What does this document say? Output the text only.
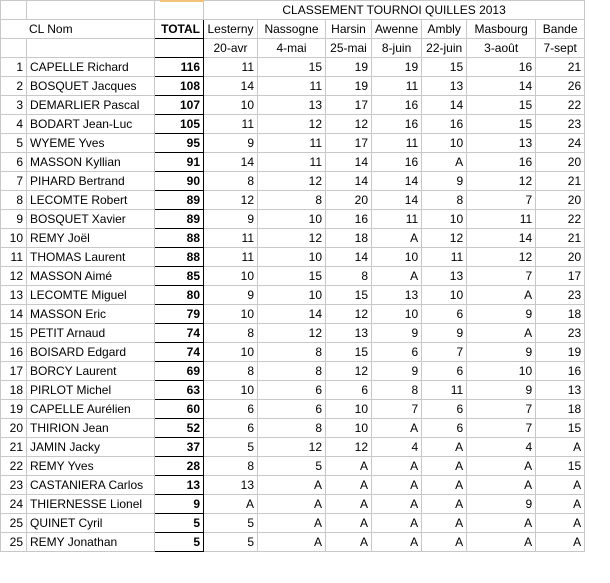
			CLASSEMENT TOURNOI QUILLES 2013						
CL Nom		TOTAL	Lesterny	Nassogne	Harsin	Awenne	Ambly	Masbourg	Bande
			20-avr	4-mai	25-mai	8-juin	22-juin	3-août	7-sept
1	CAPELLE Richard	116	11	15	19	19	15	16	21
2	BOSQUET Jacques	108	14	11	19	11	13	14	26
3	DEMARLIER Pascal	107	10	13	17	16	14	15	22
4	BODART Jean-Luc	105	11	12	12	16	16	15	23
5	WYEME Yves	95	9	11	17	11	10	13	24
6	MASSON Kyllian	91	14	11	14	16	A	16	20
7	PIHARD Bertrand	90	8	12	14	14	9	12	21
8	LECOMTE Robert	89	12	8	20	14	8	7	20
9	BOSQUET Xavier	89	9	10	16	11	10	11	22
10	REMY Joël	88	11	12	18	A	12	14	21
11	THOMAS Laurent	88	11	10	14	10	11	12	20
12	MASSON Aimé	85	10	15	8	A	13	7	17
13	LECOMTE Miguel	80	9	10	15	13	10	A	23
14	MASSON Eric	79	10	14	12	10	6	9	18
15	PETIT Arnaud	74	8	12	13	9	9	A	23
16	BOISARD Edgard	74	10	8	15	6	7	9	19
17	BORCY Laurent	69	8	8	12	9	6	10	16
18	PIRLOT Michel	63	10	6	6	8	11	9	13
19	CAPELLE Aurélien	60	6	6	10	7	6	7	18
20	THIRION Jean	52	6	8	10	A	6	7	15
21	JAMIN Jacky	37	5	12	12	4	A	4	A
22	REMY Yves	28	8	5	A	A	A	A	15
23	CASTANIERA Carlos	13	13	A	A	A	A	A	A
24	THIERNESSE Lionel	9	A	A	A	A	A	9	A
25	QUINET Cyril	5	5	A	A	A	A	A	A
25	REMY Jonathan	5	5	A	A	A	A	A	A
